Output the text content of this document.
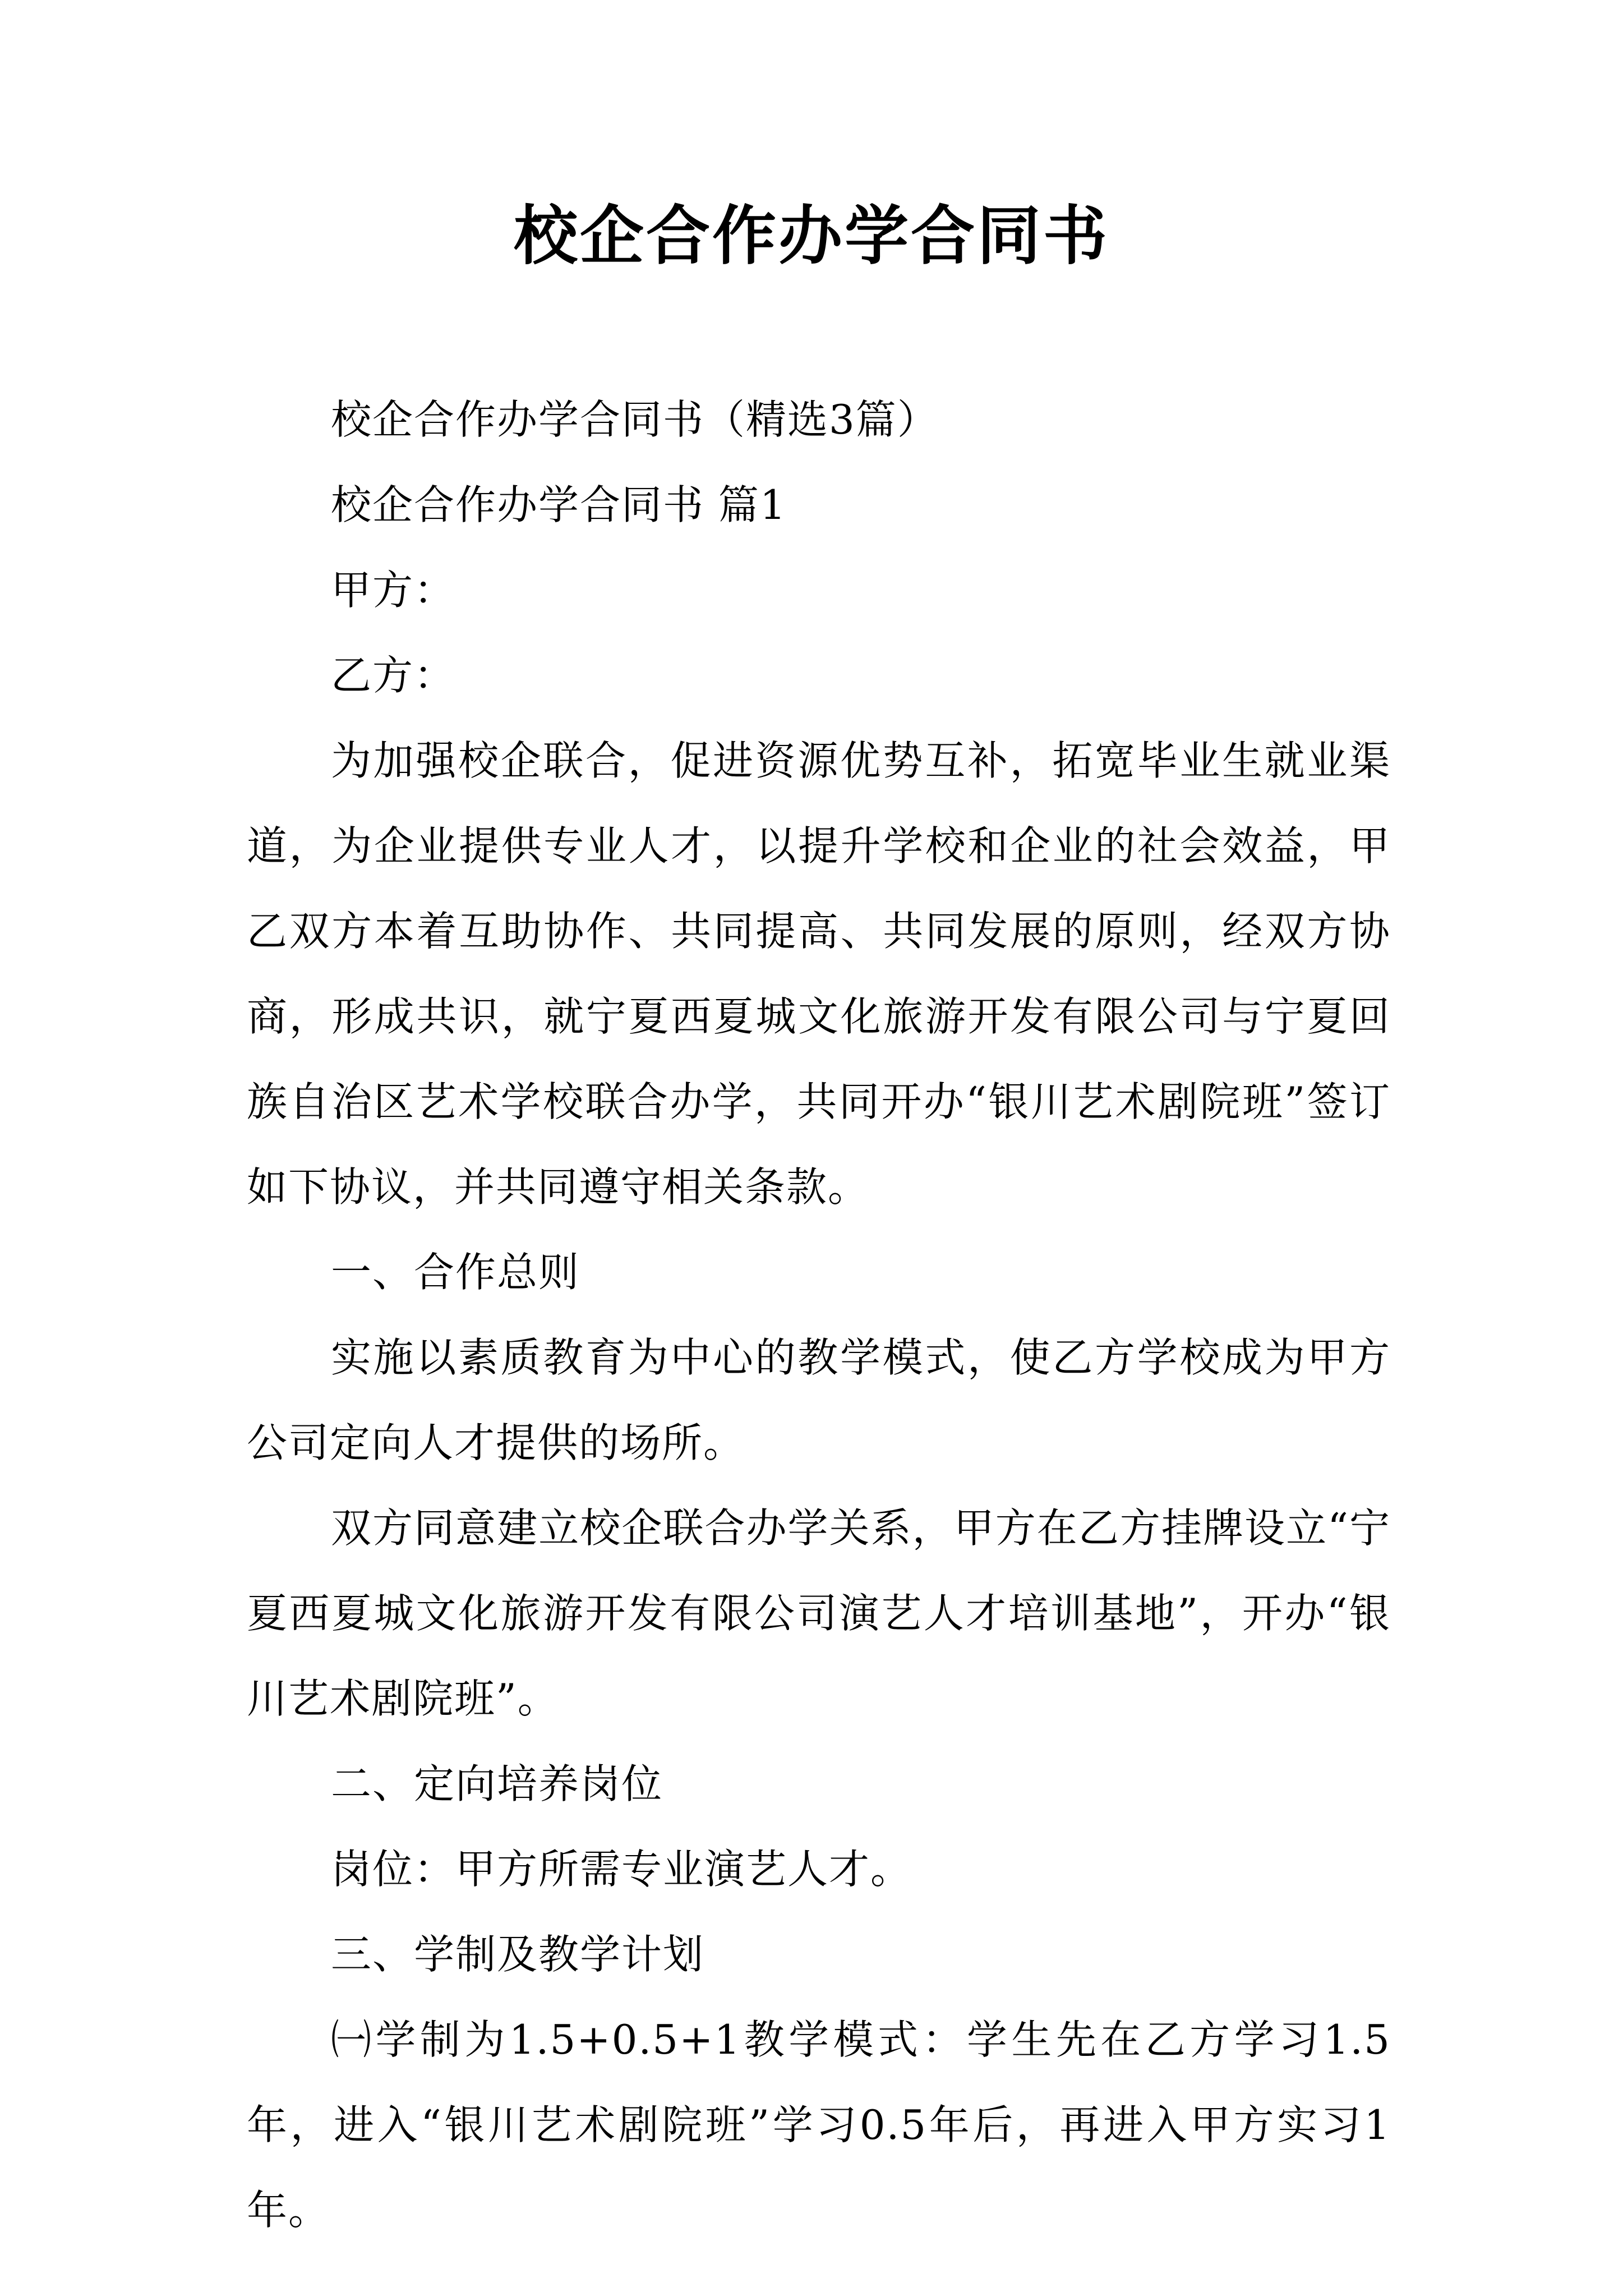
校企合作办学合同书

校企合作办学合同书（精选3篇）

校企合作办学合同书 篇1

甲方：

乙方：

为加强校企联合，促进资源优势互补，拓宽毕业生就业渠道，为企业提供专业人才，以提升学校和企业的社会效益，甲乙双方本着互助协作、共同提高、共同发展的原则，经双方协商，形成共识，就宁夏西夏城文化旅游开发有限公司与宁夏回族自治区艺术学校联合办学，共同开办“银川艺术剧院班”签订如下协议，并共同遵守相关条款。

一、合作总则

实施以素质教育为中心的教学模式，使乙方学校成为甲方公司定向人才提供的场所。

双方同意建立校企联合办学关系，甲方在乙方挂牌设立“宁夏西夏城文化旅游开发有限公司演艺人才培训基地”，开办“银川艺术剧院班”。

二、定向培养岗位

岗位：甲方所需专业演艺人才。

三、学制及教学计划

㈠学制为1.5+0.5+1教学模式：学生先在乙方学习1.5年，进入“银川艺术剧院班”学习0.5年后，再进入甲方实习1年。
